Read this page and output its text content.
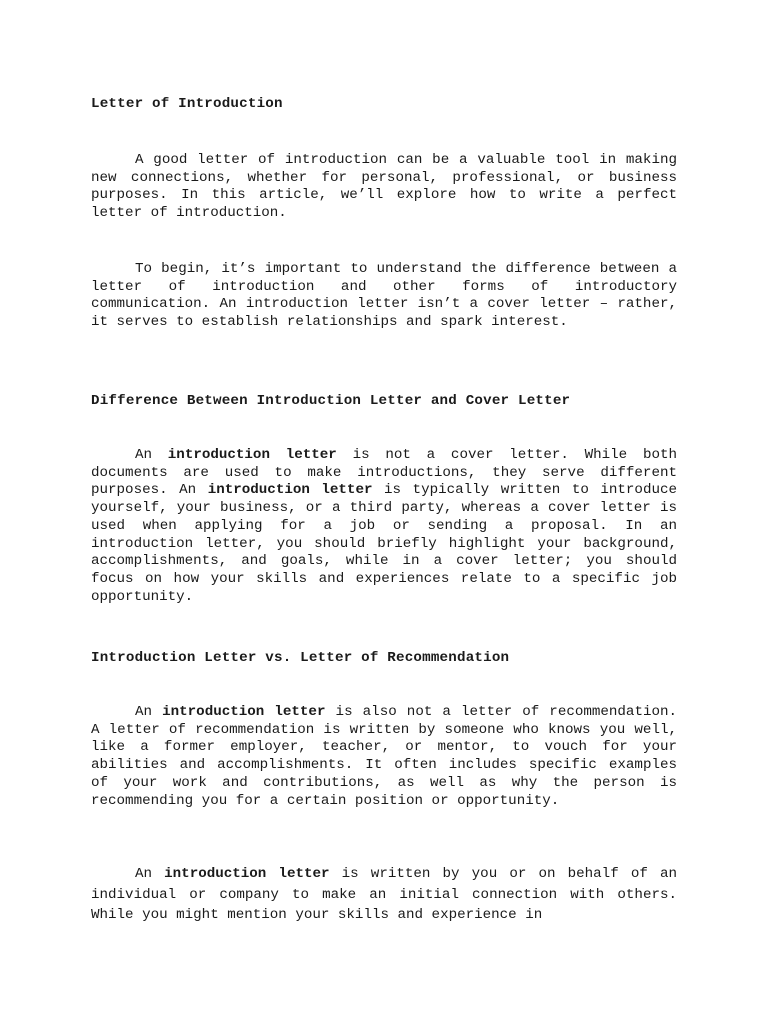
Letter of Introduction

A good letter of introduction can be a valuable tool in making new connections, whether for personal, professional, or business purposes. In this article, we’ll explore how to write a perfect letter of introduction.

To begin, it’s important to understand the difference between a letter of introduction and other forms of introductory communication. An introduction letter isn’t a cover letter – rather, it serves to establish relationships and spark interest.

Difference Between Introduction Letter and Cover Letter

An introduction letter is not a cover letter. While both documents are used to make introductions, they serve different purposes. An introduction letter is typically written to introduce yourself, your business, or a third party, whereas a cover letter is used when applying for a job or sending a proposal. In an introduction letter, you should briefly highlight your background, accomplishments, and goals, while in a cover letter; you should focus on how your skills and experiences relate to a specific job opportunity.

Introduction Letter vs. Letter of Recommendation

An introduction letter is also not a letter of recommendation. A letter of recommendation is written by someone who knows you well, like a former employer, teacher, or mentor, to vouch for your abilities and accomplishments. It often includes specific examples of your work and contributions, as well as why the person is recommending you for a certain position or opportunity.

An introduction letter is written by you or on behalf of an individual or company to make an initial connection with others. While you might mention your skills and experience in
